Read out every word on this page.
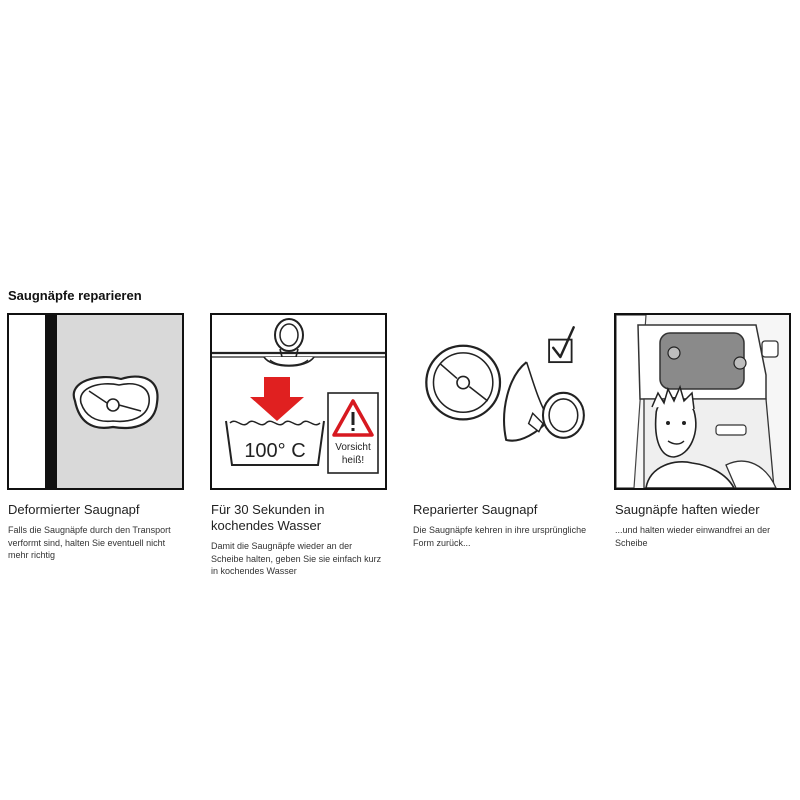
Saugnäpfe reparieren
Deformierter Saugnapf
Falls die Saugnäpfe durch den Transport verformt sind, halten Sie eventuell nicht mehr richtig
100° C	Vorsicht
heiß!
Für 30 Sekunden in kochendes Wasser
Damit die Saugnäpfe wieder an der Scheibe halten, geben Sie sie einfach kurz in kochendes Wasser
Reparierter Saugnapf
Die Saugnäpfe kehren in ihre ursprüngliche Form zurück...
Saugnäpfe haften wieder
...und halten wieder einwandfrei an der Scheibe
